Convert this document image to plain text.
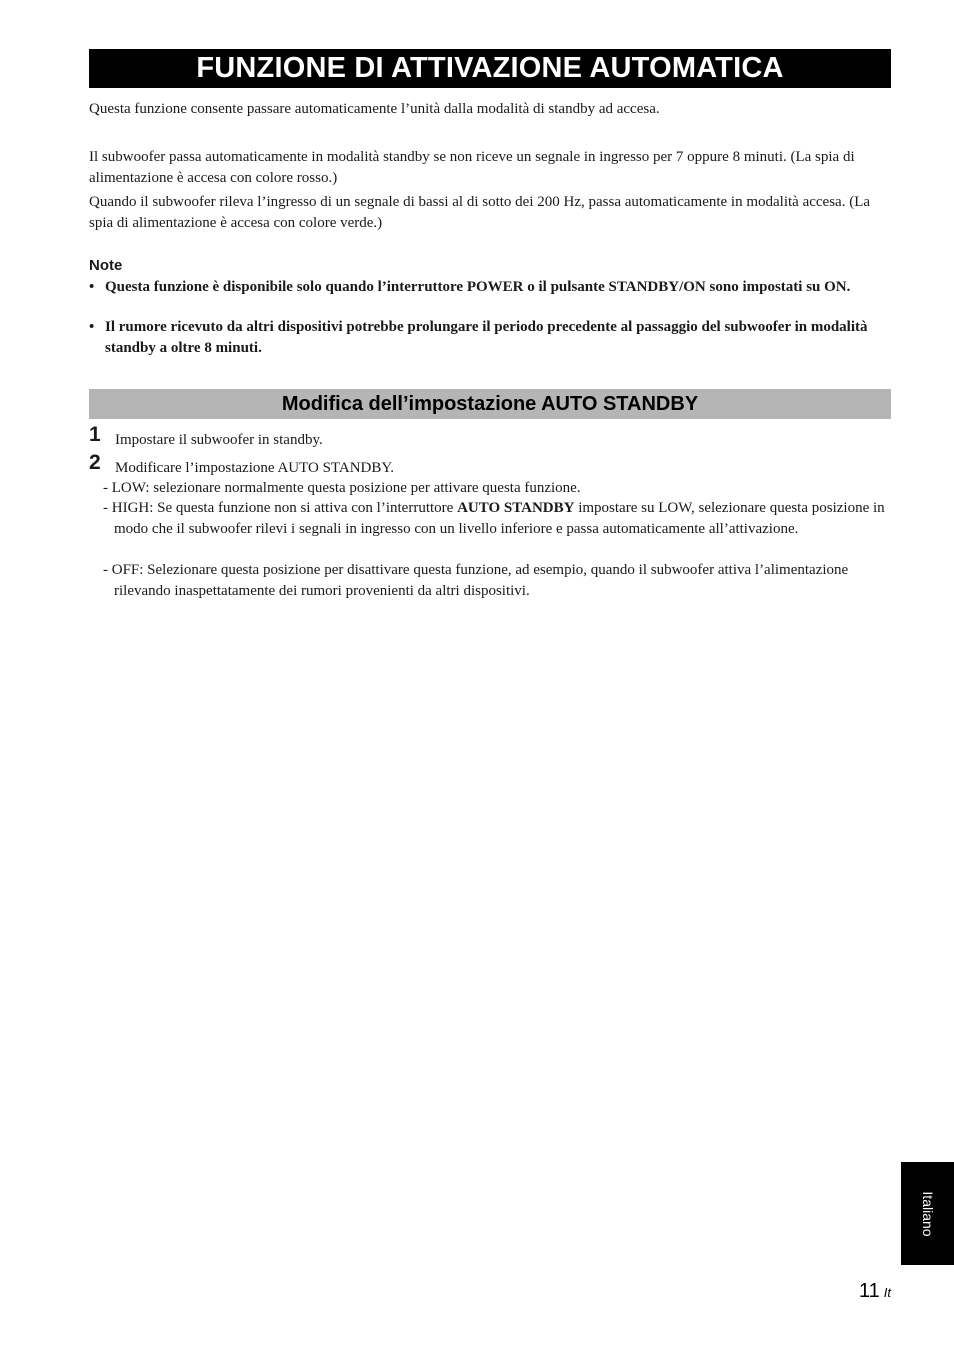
FUNZIONE DI ATTIVAZIONE AUTOMATICA
Questa funzione consente passare automaticamente l’unità dalla modalità di standby ad accesa.
Il subwoofer passa automaticamente in modalità standby se non riceve un segnale in ingresso per 7 oppure 8 minuti. (La spia di alimentazione è accesa con colore rosso.)
Quando il subwoofer rileva l’ingresso di un segnale di bassi al di sotto dei 200 Hz, passa automaticamente in modalità accesa. (La spia di alimentazione è accesa con colore verde.)
Note
• Questa funzione è disponibile solo quando l’interruttore POWER o il pulsante STANDBY/ON sono impostati su ON.
• Il rumore ricevuto da altri dispositivi potrebbe prolungare il periodo precedente al passaggio del subwoofer in modalità standby a oltre 8 minuti.
Modifica dell’impostazione AUTO STANDBY
1 Impostare il subwoofer in standby.
2 Modificare l’impostazione AUTO STANDBY.
- LOW: selezionare normalmente questa posizione per attivare questa funzione.
- HIGH: Se questa funzione non si attiva con l’interruttore AUTO STANDBY impostare su LOW, selezionare questa posizione in modo che il subwoofer rilevi i segnali in ingresso con un livello inferiore e passa automaticamente all’attivazione.
- OFF: Selezionare questa posizione per disattivare questa funzione, ad esempio, quando il subwoofer attiva l’alimentazione rilevando inaspettatamente dei rumori provenienti da altri dispositivi.
Italiano
11 It
